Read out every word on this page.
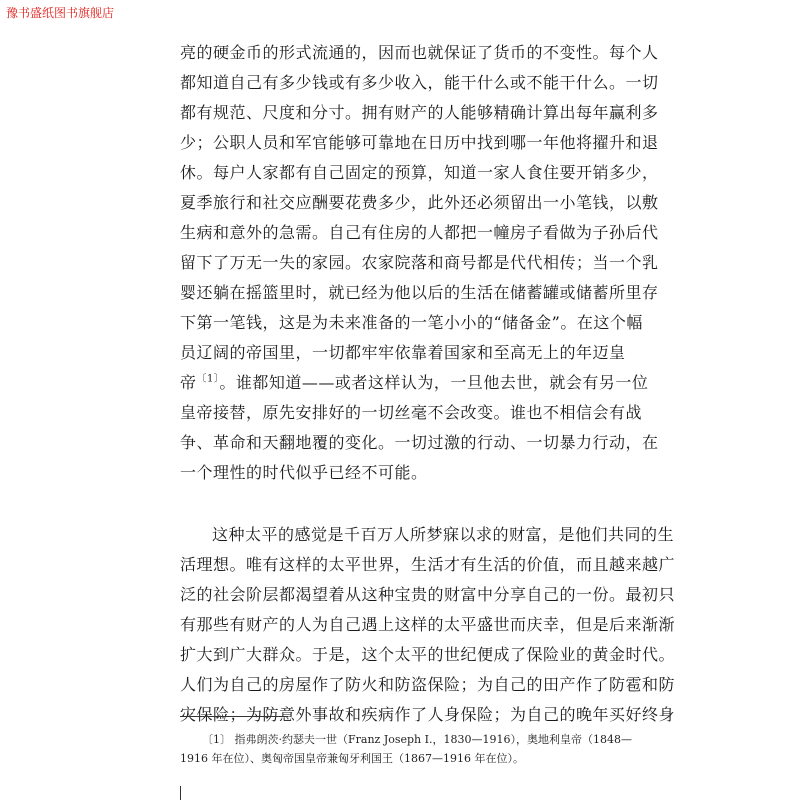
豫书盛纸图书旗舰店
亮的硬金币的形式流通的，因而也就保证了货币的不变性。每个人
都知道自己有多少钱或有多少收入，能干什么或不能干什么。一切
都有规范、尺度和分寸。拥有财产的人能够精确计算出每年赢利多
少；公职人员和军官能够可靠地在日历中找到哪一年他将擢升和退
休。每户人家都有自己固定的预算，知道一家人食住要开销多少，
夏季旅行和社交应酬要花费多少，此外还必须留出一小笔钱，以敷
生病和意外的急需。自己有住房的人都把一幢房子看做为子孙后代
留下了万无一失的家园。农家院落和商号都是代代相传；当一个乳
婴还躺在摇篮里时，就已经为他以后的生活在储蓄罐或储蓄所里存
下第一笔钱，这是为未来准备的一笔小小的“储备金”。在这个幅
员辽阔的帝国里，一切都牢牢依靠着国家和至高无上的年迈皇
帝$^{〔1〕}$。谁都知道——或者这样认为，一旦他去世，就会有另一位
皇帝接替，原先安排好的一切丝毫不会改变。谁也不相信会有战
争、革命和天翻地覆的变化。一切过激的行动、一切暴力行动，在
一个理性的时代似乎已经不可能。
这种太平的感觉是千百万人所梦寐以求的财富，是他们共同的生
活理想。唯有这样的太平世界，生活才有生活的价值，而且越来越广
泛的社会阶层都渴望着从这种宝贵的财富中分享自己的一份。最初只
有那些有财产的人为自己遇上这样的太平盛世而庆幸，但是后来渐渐
扩大到广大群众。于是，这个太平的世纪便成了保险业的黄金时代。
人们为自己的房屋作了防火和防盗保险；为自己的田产作了防雹和防
灾保险；为防意外事故和疾病作了人身保险；为自己的晚年买好终身
〔1〕 指弗朗茨·约瑟夫一世（Franz Joseph I.，1830—1916），奥地利皇帝（1848—
1916 年在位）、奥匈帝国皇帝兼匈牙利国王（1867—1916 年在位）。
